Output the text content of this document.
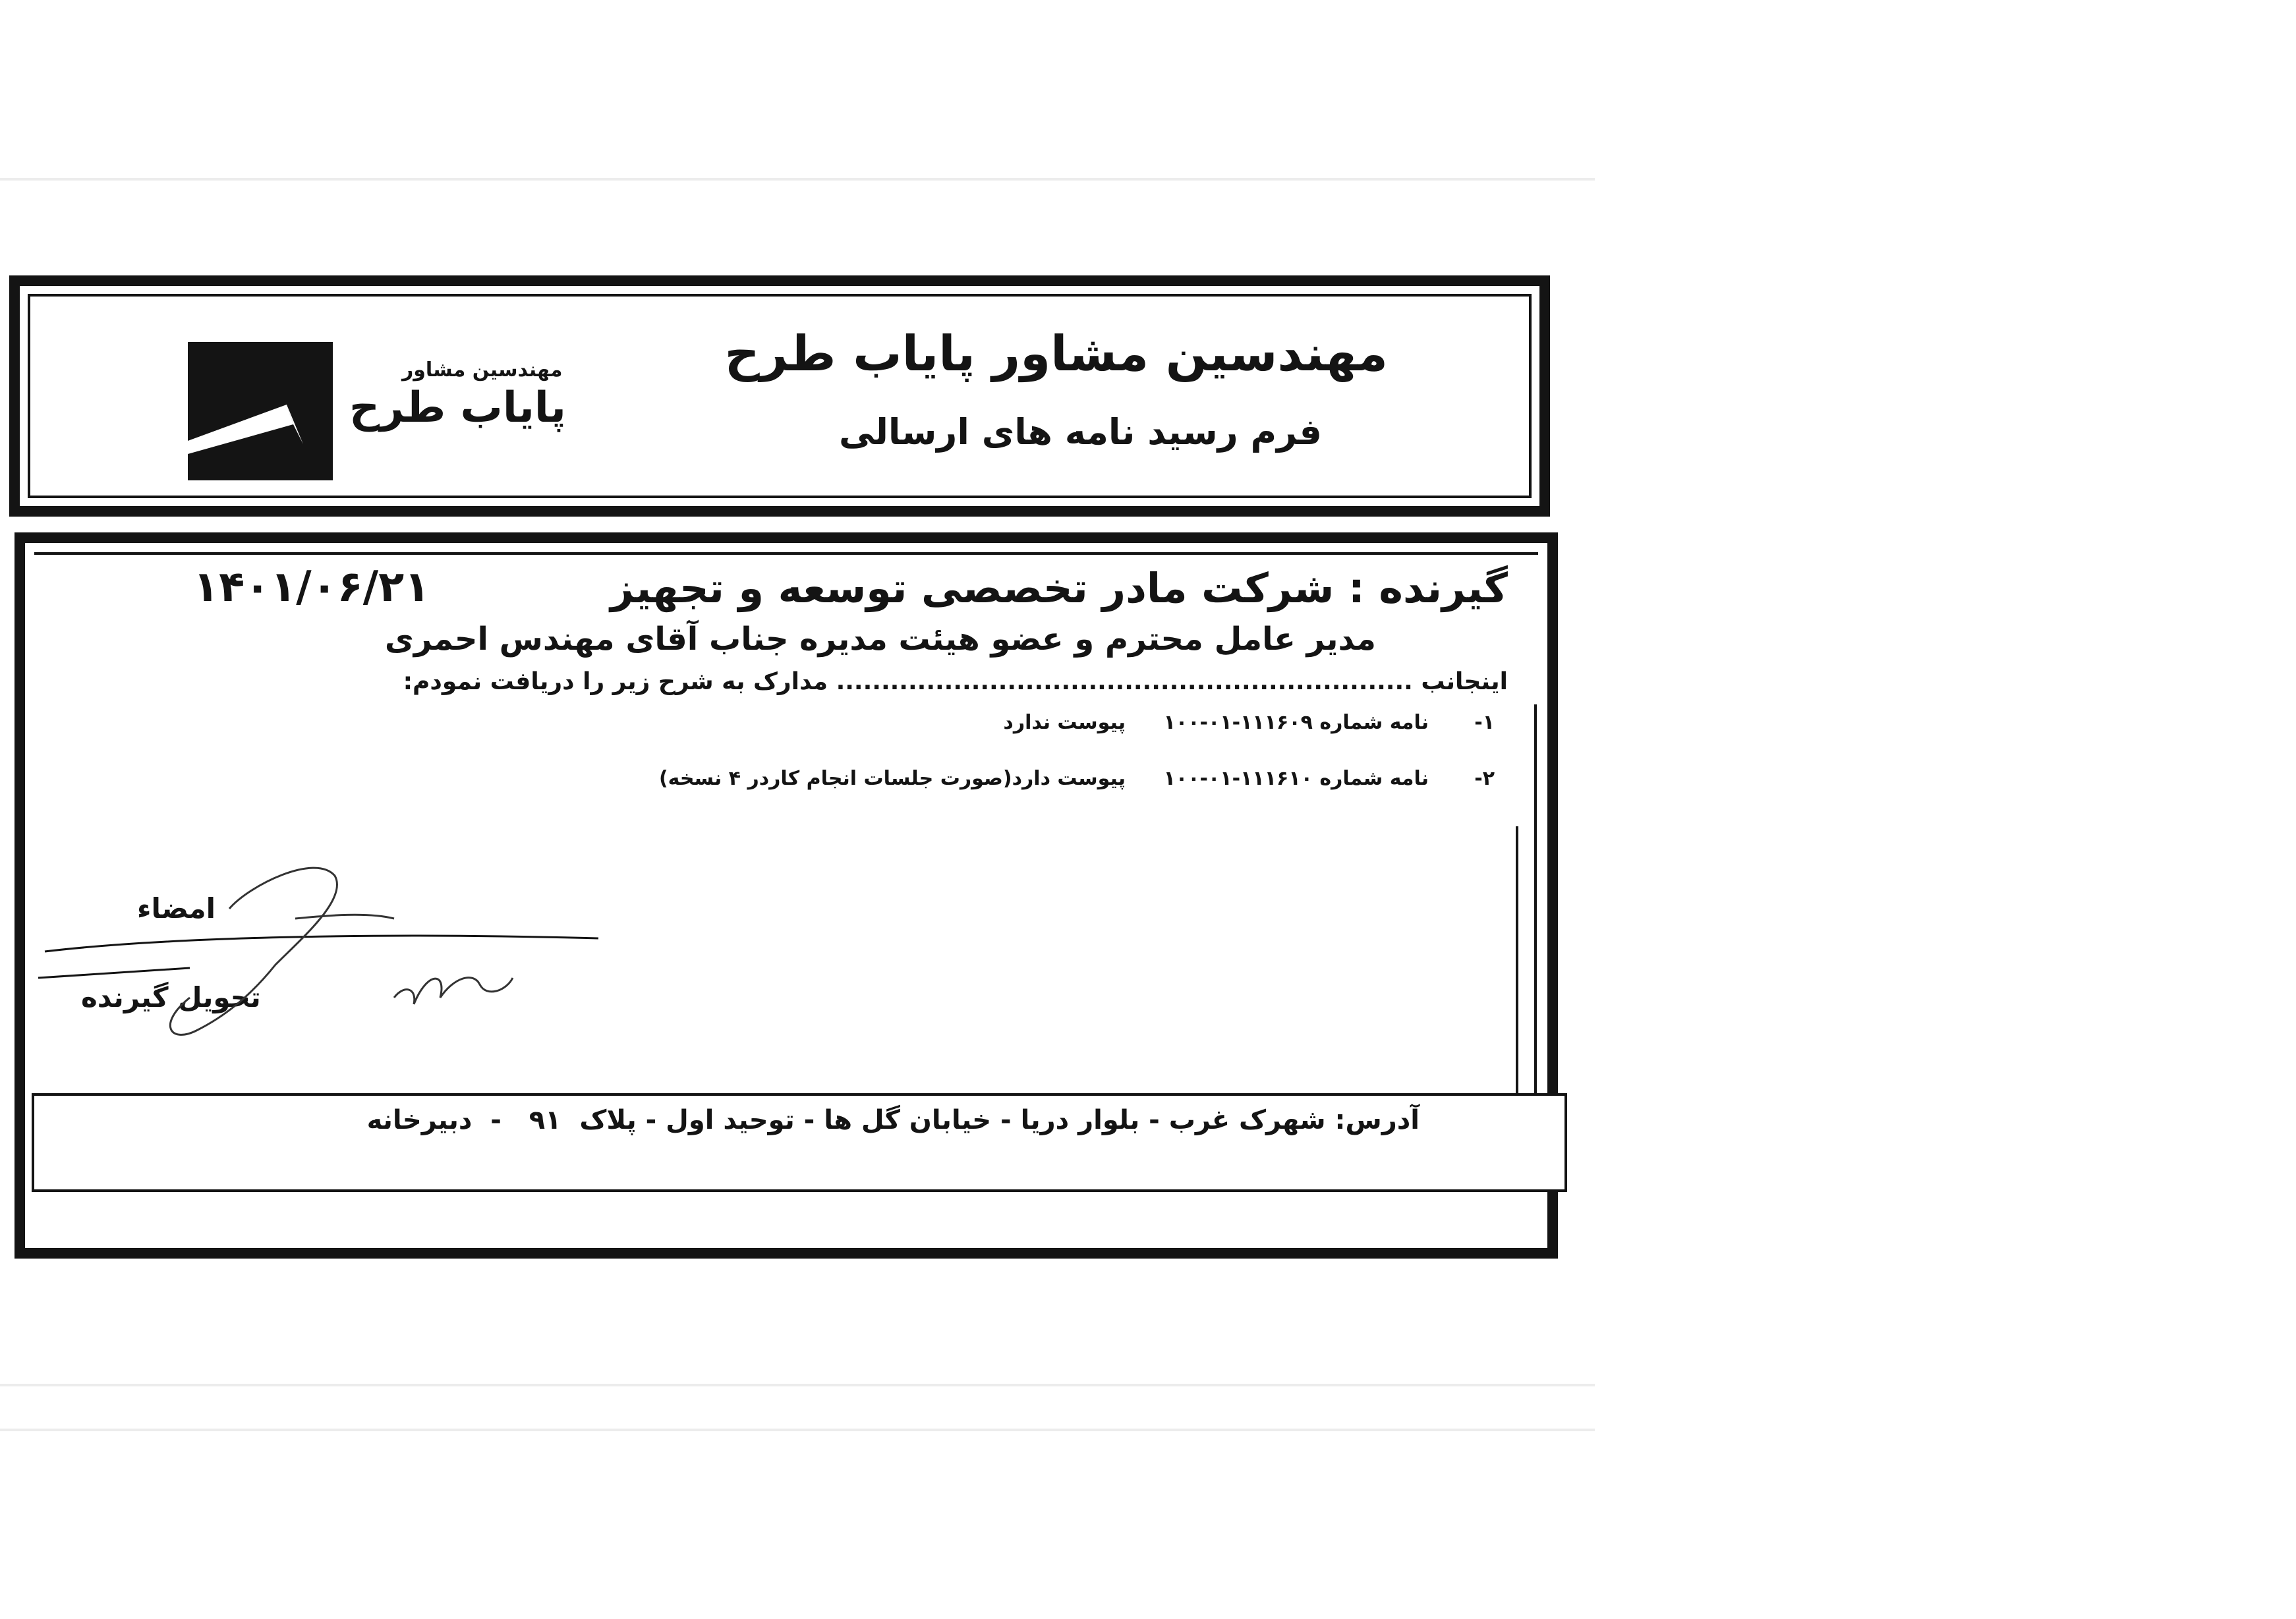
مهندسین مشاور پایاب طرح
فرم رسید نامه های ارسالی
مهندسین مشاور
پایاب طرح
گیرنده : شرکت مادر تخصصی توسعه و تجهیز
۱۴۰۱/۰۶/۲۱
مدیر عامل محترم و عضو هیئت مدیره جناب آقای مهندس احمری
اینجانب ................................................................ مدارک به شرح زیر را دریافت نمودم:
۱-
نامه شماره ۱۱۱۶۰۹-۰۱-۱۰۰
پیوست ندارد
۲-
نامه شماره ۱۱۱۶۱۰-۰۱-۱۰۰
پیوست دارد(صورت جلسات انجام کاردر ۴ نسخه)
امضاء
تحویل گیرنده
آدرس: شهرک غرب - بلوار دریا - خیابان گل ها - توحید اول - پلاک  ۹۱   -  دبیرخانه
